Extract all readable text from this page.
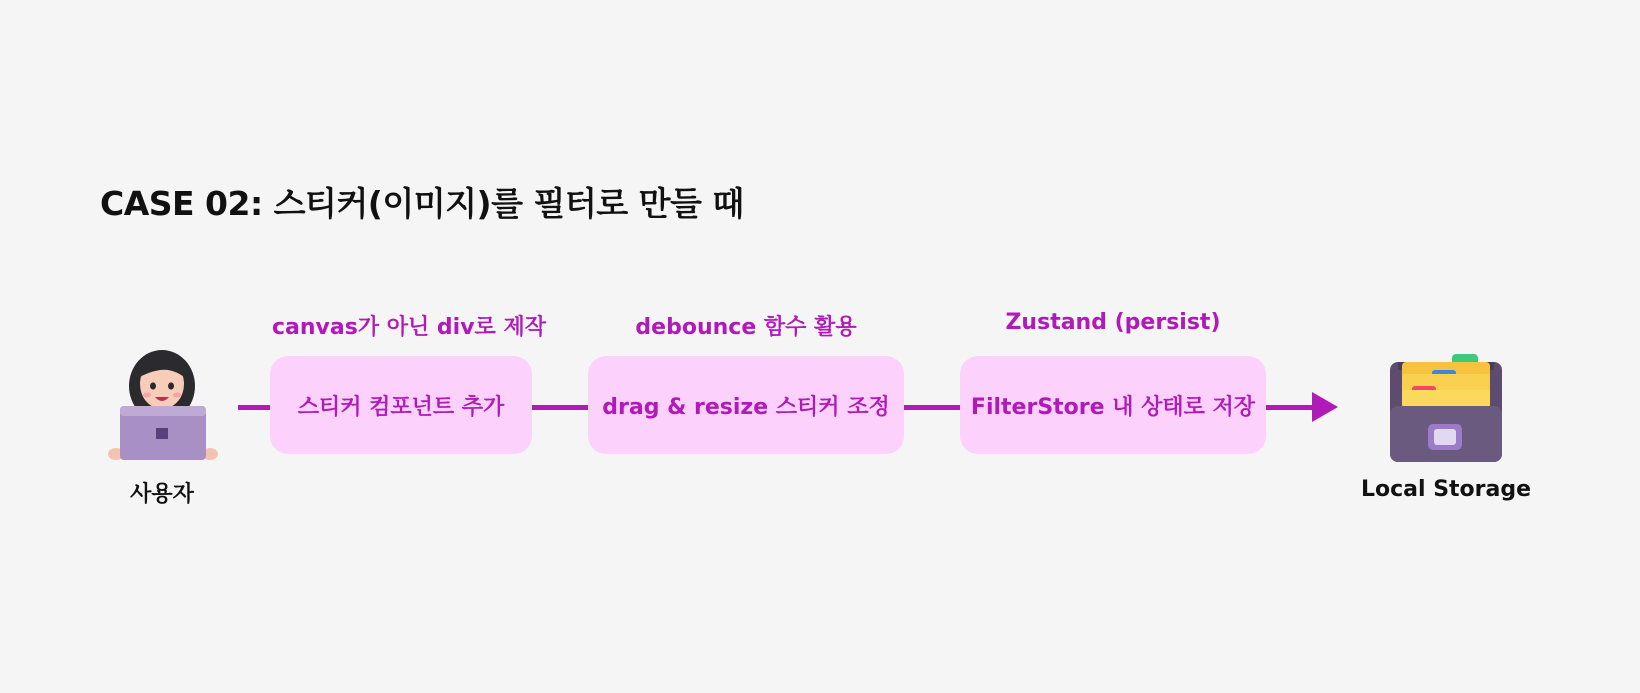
CASE 02: 스티커(이미지)를 필터로 만들 때
사용자
canvas가 아닌 div로 제작
스티커 컴포넌트 추가
debounce 함수 활용
drag & resize 스티커 조정
Zustand (persist)
FilterStore 내 상태로 저장
Local Storage
